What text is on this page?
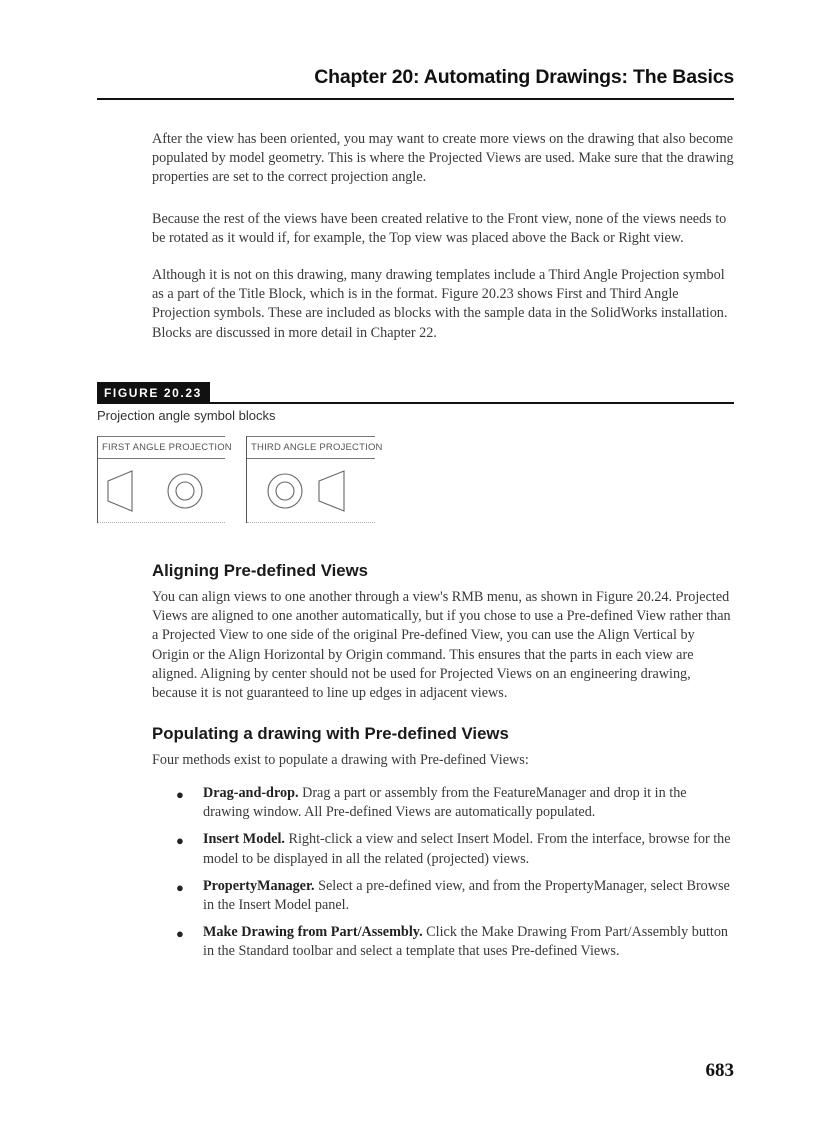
Chapter 20: Automating Drawings: The Basics

After the view has been oriented, you may want to create more views on the drawing that also become populated by model geometry. This is where the Projected Views are used. Make sure that the drawing properties are set to the correct projection angle.

Because the rest of the views have been created relative to the Front view, none of the views needs to be rotated as it would if, for example, the Top view was placed above the Back or Right view.

Although it is not on this drawing, many drawing templates include a Third Angle Projection symbol as a part of the Title Block, which is in the format. Figure 20.23 shows First and Third Angle Projection symbols. These are included as blocks with the sample data in the SolidWorks installation. Blocks are discussed in more detail in Chapter 22.

FIGURE 20.23
Projection angle symbol blocks
FIRST ANGLE PROJECTION THIRD ANGLE PROJECTION
Aligning Pre-defined Views

You can align views to one another through a view's RMB menu, as shown in Figure 20.24. Projected Views are aligned to one another automatically, but if you chose to use a Pre-defined View rather than a Projected View to one side of the original Pre-defined View, you can use the Align Vertical by Origin or the Align Horizontal by Origin command. This ensures that the parts in each view are aligned. Aligning by center should not be used for Projected Views on an engineering drawing, because it is not guaranteed to line up edges in adjacent views.

Populating a drawing with Pre-defined Views

Four methods exist to populate a drawing with Pre-defined Views:

● Drag-and-drop. Drag a part or assembly from the FeatureManager and drop it in the drawing window. All Pre-defined Views are automatically populated.
● Insert Model. Right-click a view and select Insert Model. From the interface, browse for the model to be displayed in all the related (projected) views.
● PropertyManager. Select a pre-defined view, and from the PropertyManager, select Browse in the Insert Model panel.
● Make Drawing from Part/Assembly. Click the Make Drawing From Part/Assembly button in the Standard toolbar and select a template that uses Pre-defined Views.
683
